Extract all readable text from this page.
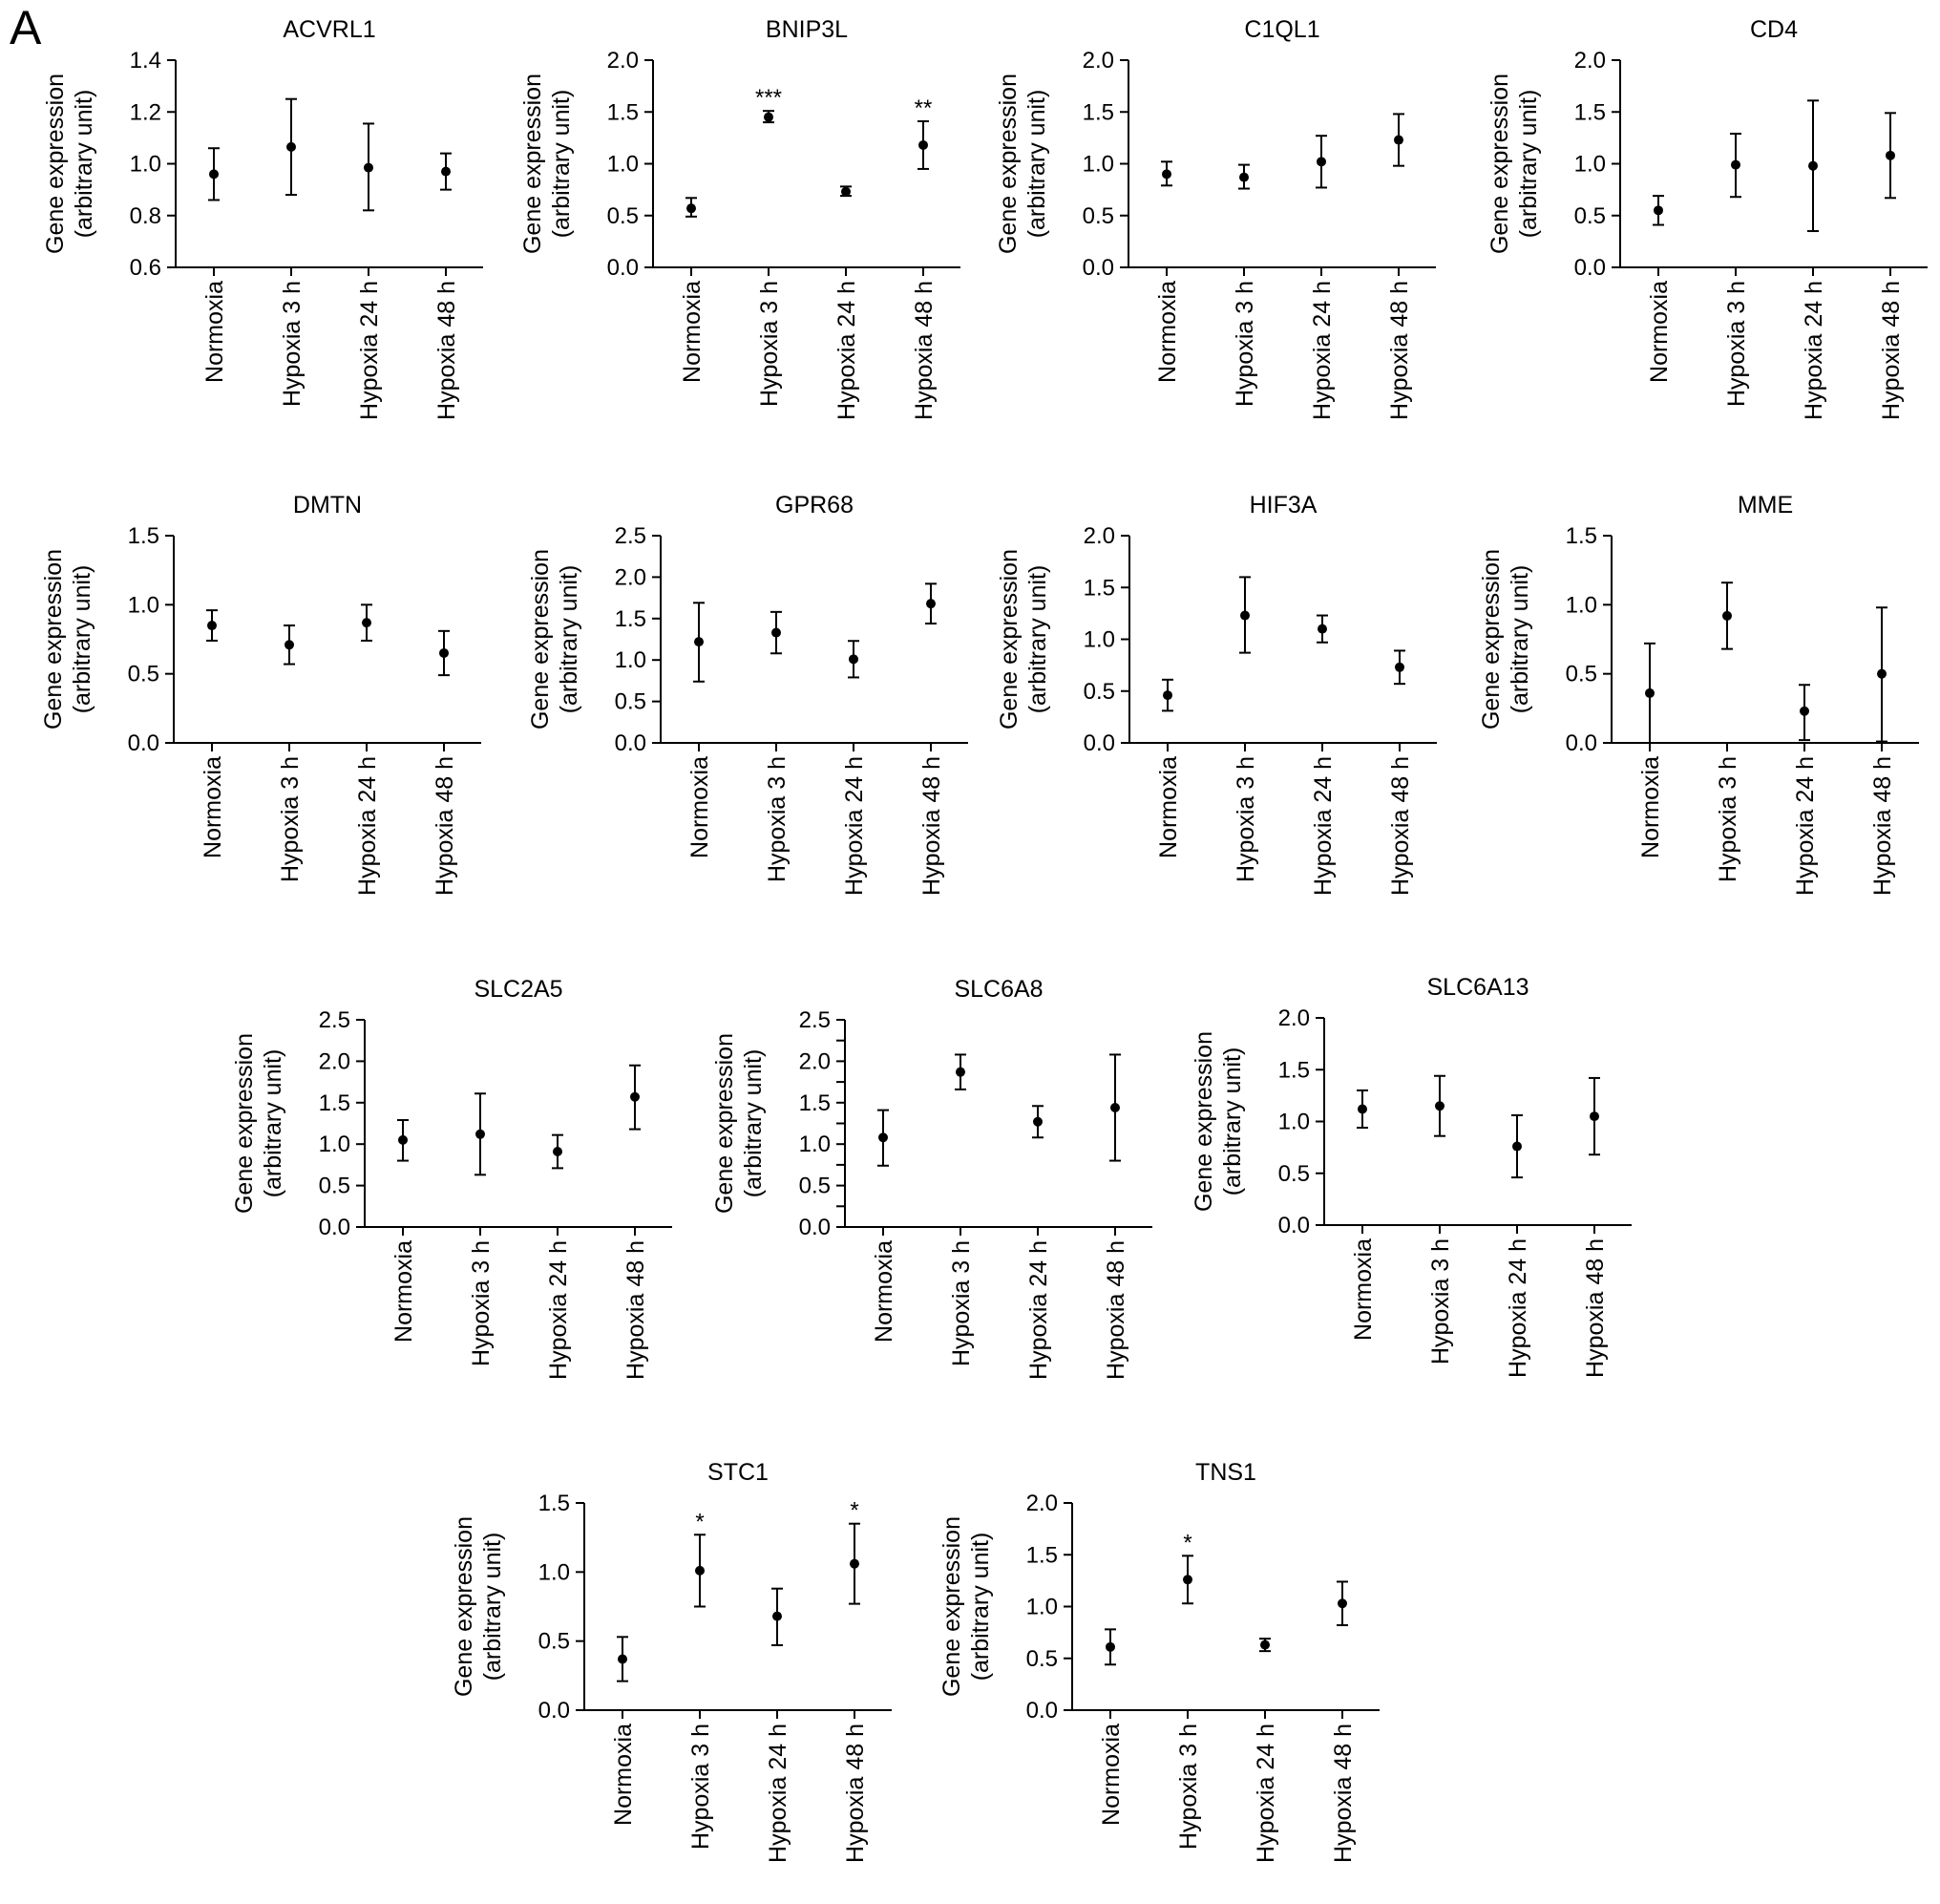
A	ACVRL1
0.6
0.8
1.0
1.2
1.4
Gene expression (arbitrary unit)
Normoxia Hypoxia 3 h Hypoxia 24 h Hypoxia 48 h
BNIP3L
0.0
0.5
1.0
1.5
2.0
Gene expression (arbitrary unit)
Normoxia Hypoxia 3 h
***
Hypoxia 24 h Hypoxia 48 h
**
C1QL1
0.0
0.5
1.0
1.5
2.0
Gene expression (arbitrary unit)
Normoxia Hypoxia 3 h Hypoxia 24 h Hypoxia 48 h
CD4
0.0
0.5
1.0
1.5
2.0
Gene expression (arbitrary unit)
Normoxia Hypoxia 3 h Hypoxia 24 h Hypoxia 48 h
DMTN
0.0
0.5
1.0
1.5
Gene expression (arbitrary unit)
Normoxia Hypoxia 3 h Hypoxia 24 h Hypoxia 48 h
GPR68
0.0
0.5
1.0
1.5
2.0
2.5
Gene expression (arbitrary unit)
Normoxia Hypoxia 3 h Hypoxia 24 h Hypoxia 48 h
HIF3A
0.0
0.5
1.0
1.5
2.0
Gene expression (arbitrary unit)
Normoxia Hypoxia 3 h Hypoxia 24 h Hypoxia 48 h
MME
0.0
0.5
1.0
1.5
Gene expression (arbitrary unit)
Normoxia Hypoxia 3 h Hypoxia 24 h Hypoxia 48 h
SLC2A5
0.0
0.5
1.0
1.5
2.0
2.5
Gene expression (arbitrary unit)
Normoxia Hypoxia 3 h Hypoxia 24 h Hypoxia 48 h
SLC6A8
0.0
0.5
1.0
1.5
2.0
2.5
Gene expression (arbitrary unit)
Normoxia Hypoxia 3 h Hypoxia 24 h Hypoxia 48 h
SLC6A13
0.0
0.5
1.0
1.5
2.0
Gene expression (arbitrary unit)
Normoxia Hypoxia 3 h Hypoxia 24 h Hypoxia 48 h
STC1
0.0
0.5
1.0
1.5
Gene expression (arbitrary unit)
Normoxia Hypoxia 3 h
*
Hypoxia 24 h Hypoxia 48 h
*
TNS1
0.0
0.5
1.0
1.5
2.0
Gene expression (arbitrary unit)
Normoxia Hypoxia 3 h
*
Hypoxia 24 h Hypoxia 48 h
